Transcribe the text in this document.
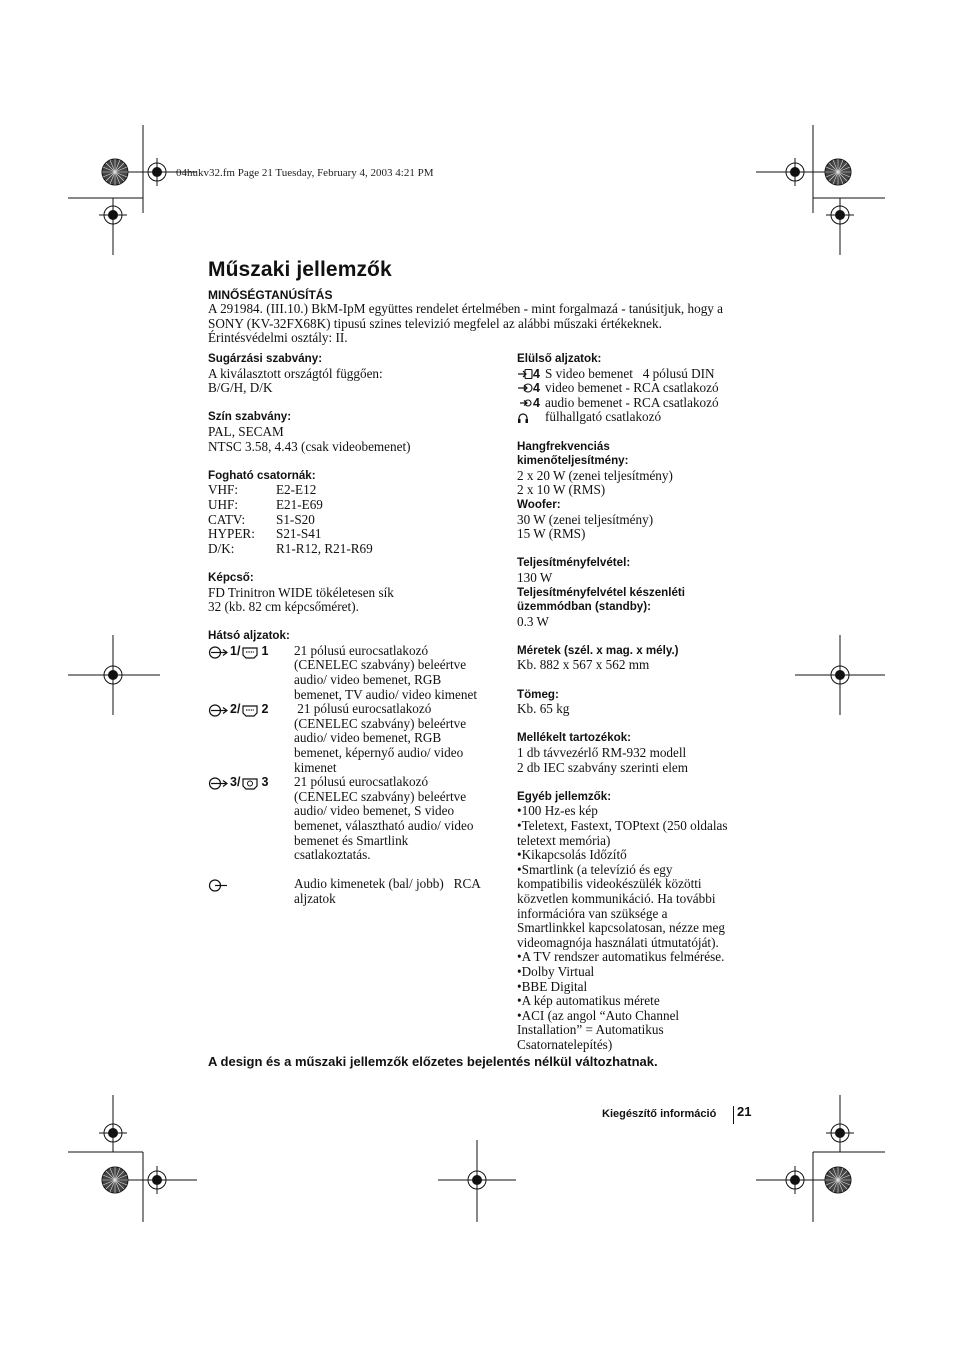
04hukv32.fm Page 21 Tuesday, February 4, 2003 4:21 PM
Műszaki jellemzők
MINŐSÉGTANÚSÍTÁS
A 291984. (III.10.) BkM-IpM együttes rendelet értelmében - mint forgalmazá - tanúsitjuk, hogy a
SONY (KV-32FX68K) tipusú szines televizió megfelel az alábbi műszaki értékeknek.
Érintésvédelmi osztály: II.
Sugárzási szabvány:
A kiválasztott országtól függően:
B/G/H, D/K
Szín szabvány:
PAL, SECAM
NTSC 3.58, 4.43 (csak videobemenet)
Fogható csatornák:
VHF:	E2-E12
UHF:	E21-E69
CATV:	S1-S20
HYPER:	S21-S41
D/K:	R1-R12, R21-R69
Képcső:
FD Trinitron WIDE tökéletesen sík
32 (kb. 82 cm képcsőméret).
Hátsó aljzatok:
1/ 1 21 pólusú eurocsatlakozó
(CENELEC szabvány) beleértve
audio/ video bemenet, RGB
bemenet, TV audio/ video kimenet
2/ 2 21 pólusú eurocsatlakozó
(CENELEC szabvány) beleértve
audio/ video bemenet, RGB
bemenet, képernyő audio/ video
kimenet
3/ 3 21 pólusú eurocsatlakozó
(CENELEC szabvány) beleértve
audio/ video bemenet, S video
bemenet, választható audio/ video
bemenet és Smartlink
csatlakoztatás.
Audio kimenetek (bal/ jobb)   RCA
aljzatok
Elülső aljzatok:
4 S video bemenet   4 pólusú DIN
4 video bemenet - RCA csatlakozó
4 audio bemenet - RCA csatlakozó
fülhallgató csatlakozó
Hangfrekvenciás
kimenőteljesítmény:
2 x 20 W (zenei teljesítmény)
2 x 10 W (RMS)
Woofer:
30 W (zenei teljesítmény)
15 W (RMS)
Teljesítményfelvétel:
130 W
Teljesítményfelvétel készenléti
üzemmódban (standby):
0.3 W
Méretek (szél. x mag. x mély.)
Kb. 882 x 567 x 562 mm
Tömeg:
Kb. 65 kg
Mellékelt tartozékok:
1 db távvezérlő RM-932 modell
2 db IEC szabvány szerinti elem
Egyéb jellemzők:
•100 Hz-es kép
•Teletext, Fastext, TOPtext (250 oldalas
teletext memória)
•Kikapcsolás Időzítő
•Smartlink (a televízió és egy
kompatibilis videokészülék közötti
közvetlen kommunikáció. Ha további
információra van szüksége a
Smartlinkkel kapcsolatosan, nézze meg
videomagnója használati útmutatóját).
•A TV rendszer automatikus felmérése.
•Dolby Virtual
•BBE Digital
•A kép automatikus mérete
•ACI (az angol “Auto Channel
Installation” = Automatikus
Csatornatelepítés)
A design és a műszaki jellemzők előzetes bejelentés nélkül változhatnak.
Kiegészítő információ 21
